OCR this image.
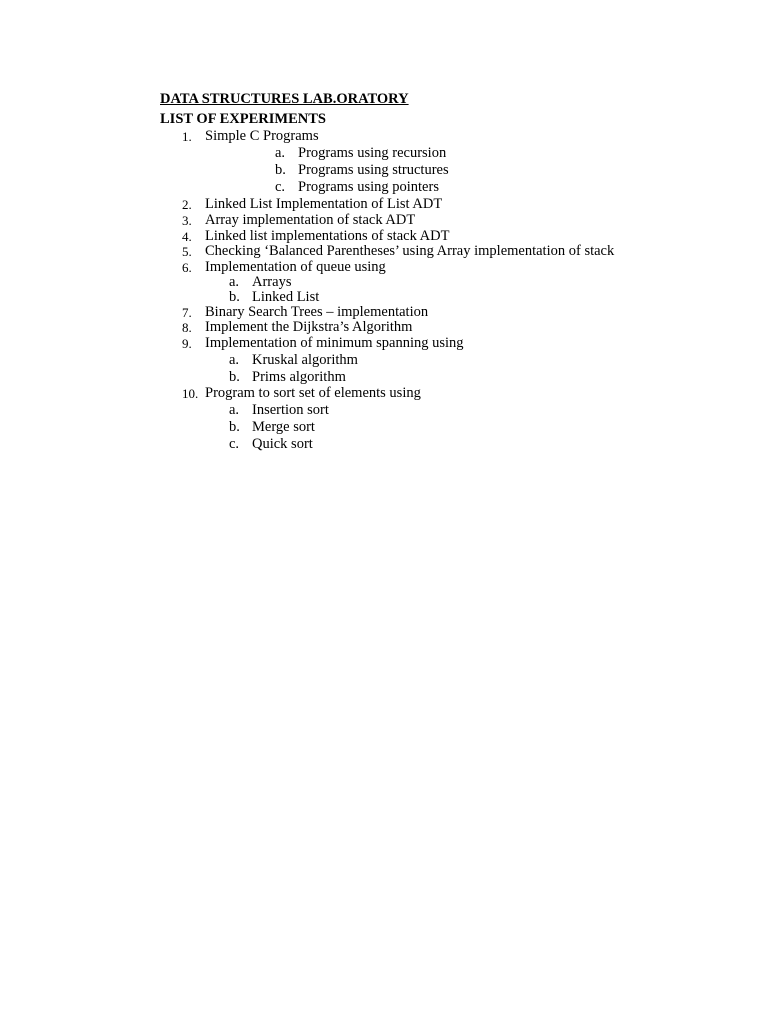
DATA STRUCTURES LAB.ORATORY
LIST OF EXPERIMENTS
1. Simple C Programs
a. Programs using recursion
b. Programs using structures
c. Programs using pointers
2. Linked List Implementation of List ADT
3. Array implementation of stack ADT
4. Linked list implementations of stack ADT
5. Checking ‘Balanced Parentheses’ using Array implementation of stack
6. Implementation of queue using
a. Arrays
b. Linked List
7. Binary Search Trees – implementation
8. Implement the Dijkstra’s Algorithm
9. Implementation of minimum spanning using
a. Kruskal algorithm
b. Prims algorithm
10. Program to sort set of elements using
a. Insertion sort
b. Merge sort
c. Quick sort
